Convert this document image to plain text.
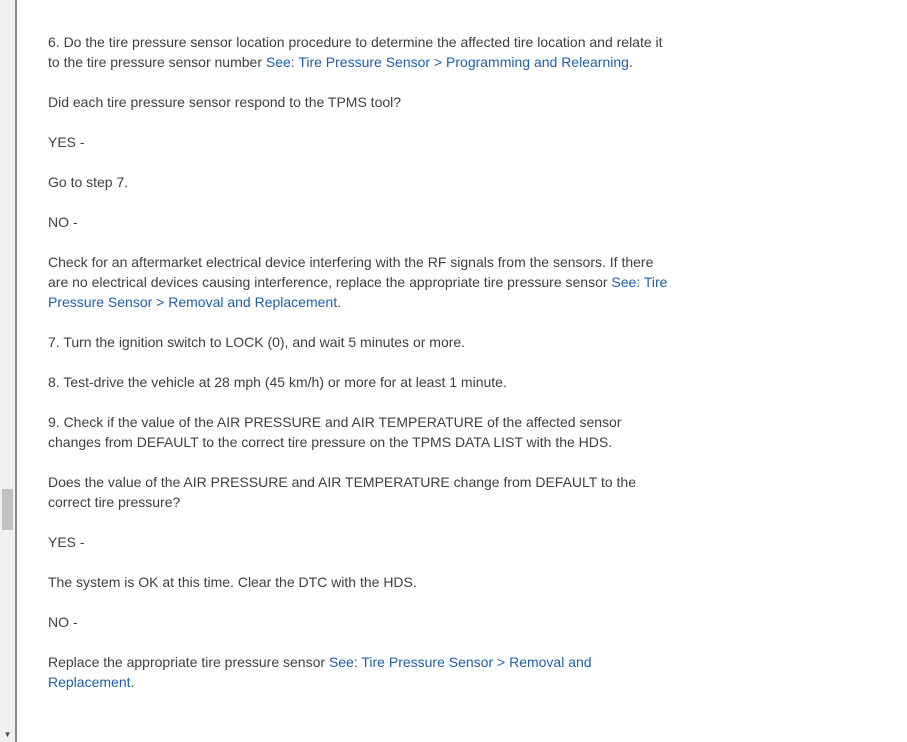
▼

6. Do the tire pressure sensor location procedure to determine the affected tire location and relate it to the tire pressure sensor number See: Tire Pressure Sensor > Programming and Relearning.

Did each tire pressure sensor respond to the TPMS tool?

YES -

Go to step 7.

NO -

Check for an aftermarket electrical device interfering with the RF signals from the sensors. If there are no electrical devices causing interference, replace the appropriate tire pressure sensor See: Tire Pressure Sensor > Removal and Replacement.

7. Turn the ignition switch to LOCK (0), and wait 5 minutes or more.

8. Test-drive the vehicle at 28 mph (45 km/h) or more for at least 1 minute.

9. Check if the value of the AIR PRESSURE and AIR TEMPERATURE of the affected sensor changes from DEFAULT to the correct tire pressure on the TPMS DATA LIST with the HDS.

Does the value of the AIR PRESSURE and AIR TEMPERATURE change from DEFAULT to the correct tire pressure?

YES -

The system is OK at this time. Clear the DTC with the HDS.

NO -

Replace the appropriate tire pressure sensor See: Tire Pressure Sensor > Removal and Replacement.
